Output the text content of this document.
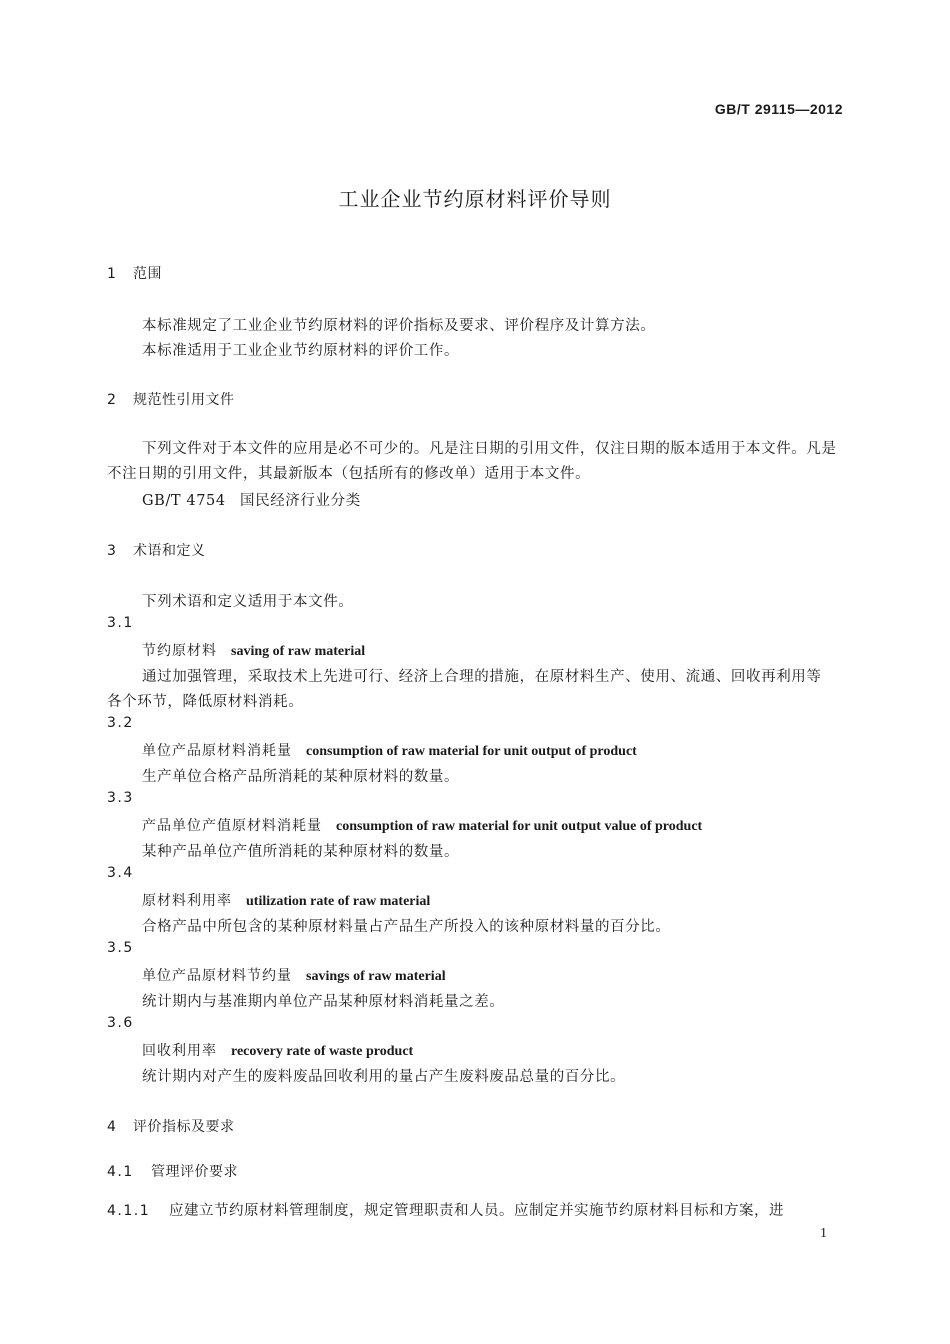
GB/T 29115—2012
工业企业节约原材料评价导则
1 范围
本标准规定了工业企业节约原材料的评价指标及要求、评价程序及计算方法。
本标准适用于工业企业节约原材料的评价工作。
2 规范性引用文件
下列文件对于本文件的应用是必不可少的。凡是注日期的引用文件，仅注日期的版本适用于本文件。凡是不注日期的引用文件，其最新版本（包括所有的修改单）适用于本文件。
GB/T 4754 国民经济行业分类
3 术语和定义
下列术语和定义适用于本文件。
3.1
节约原材料 saving of raw material
通过加强管理，采取技术上先进可行、经济上合理的措施，在原材料生产、使用、流通、回收再利用等
各个环节，降低原材料消耗。
3.2
单位产品原材料消耗量 consumption of raw material for unit output of product
生产单位合格产品所消耗的某种原材料的数量。
3.3
产品单位产值原材料消耗量 consumption of raw material for unit output value of product
某种产品单位产值所消耗的某种原材料的数量。
3.4
原材料利用率 utilization rate of raw material
合格产品中所包含的某种原材料量占产品生产所投入的该种原材料量的百分比。
3.5
单位产品原材料节约量 savings of raw material
统计期内与基准期内单位产品某种原材料消耗量之差。
3.6
回收利用率 recovery rate of waste product
统计期内对产生的废料废品回收利用的量占产生废料废品总量的百分比。
4 评价指标及要求
4.1 管理评价要求
4.1.1 应建立节约原材料管理制度，规定管理职责和人员。应制定并实施节约原材料目标和方案，进
1
